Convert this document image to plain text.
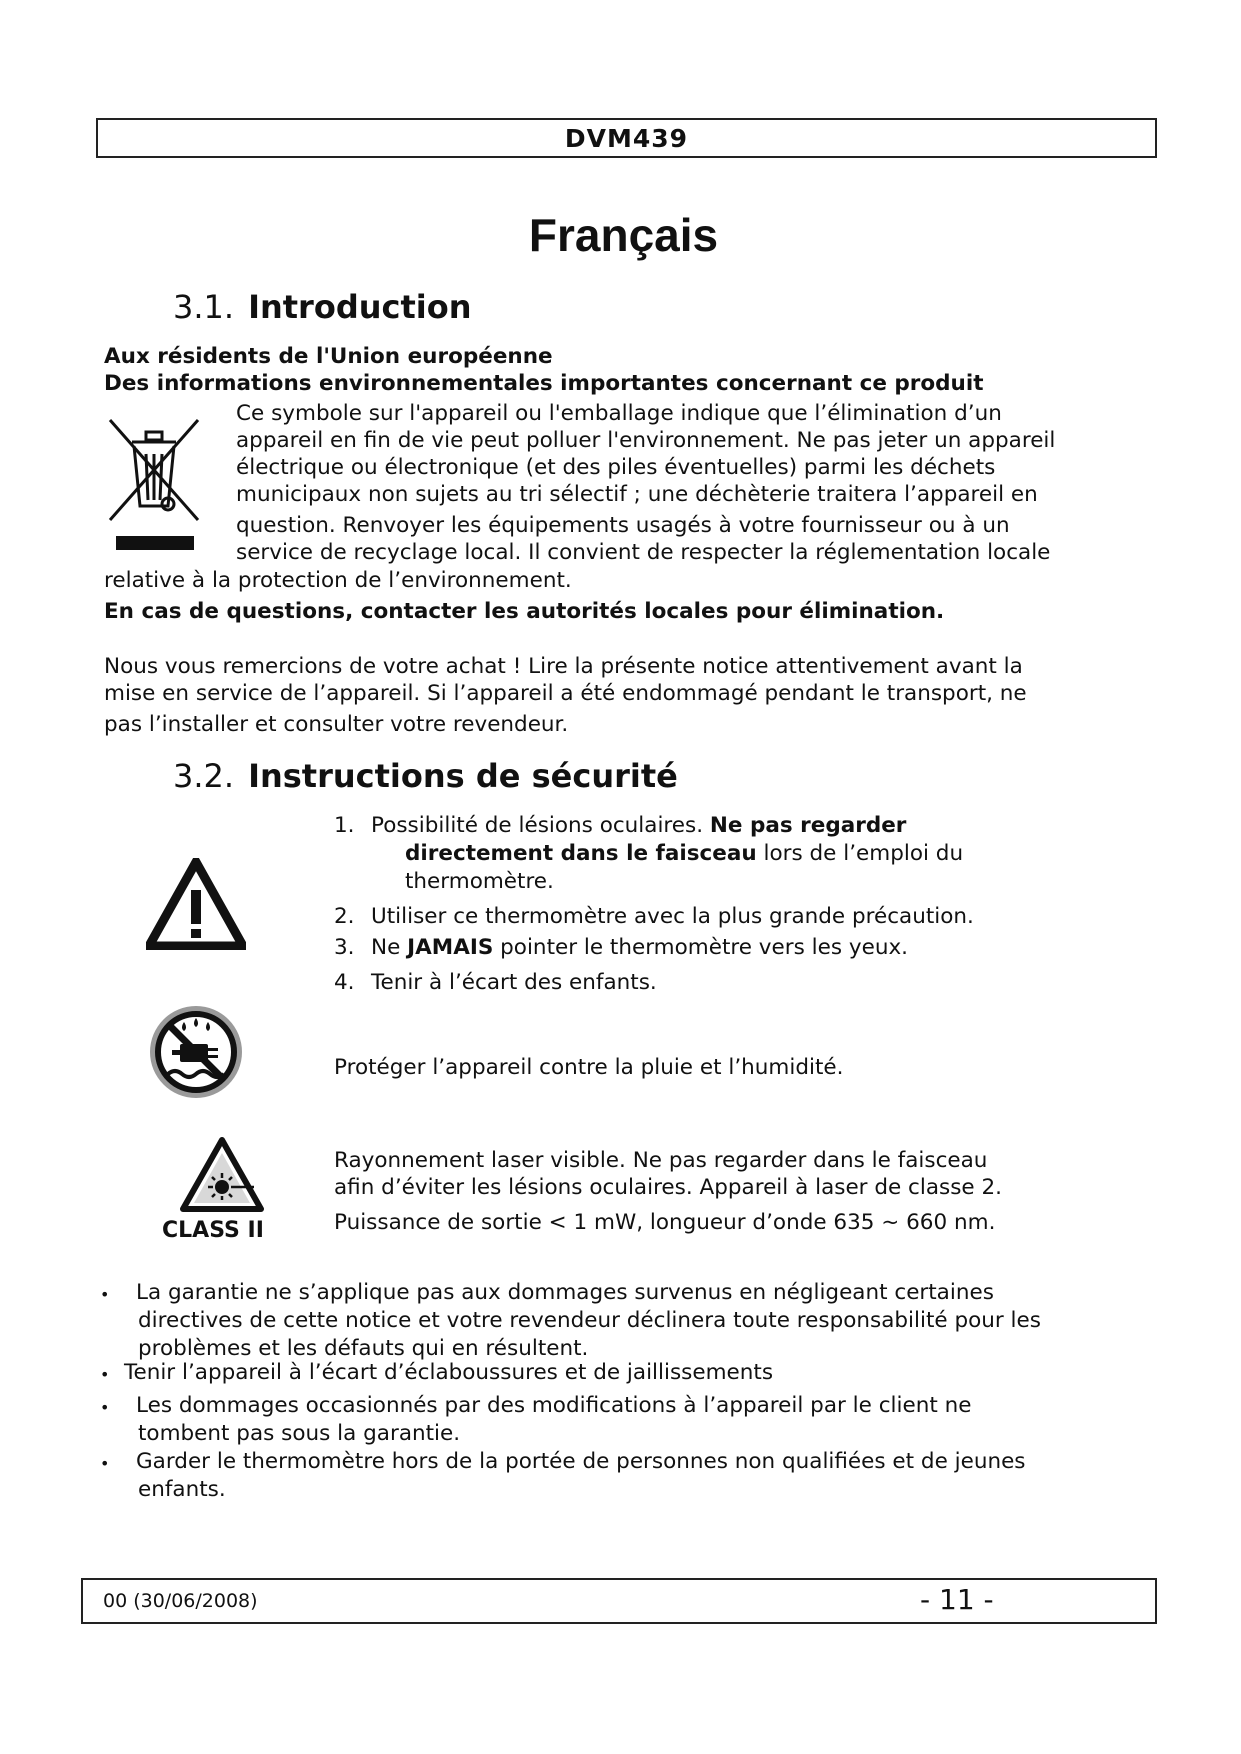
DVM439
Français
3.1. Introduction
Aux résidents de l'Union européenne
Des informations environnementales importantes concernant ce produit
Ce symbole sur l'appareil ou l'emballage indique que l’élimination d’un
appareil en fin de vie peut polluer l'environnement. Ne pas jeter un appareil
électrique ou électronique (et des piles éventuelles) parmi les déchets
municipaux non sujets au tri sélectif ; une déchèterie traitera l’appareil en
question. Renvoyer les équipements usagés à votre fournisseur ou à un
service de recyclage local. Il convient de respecter la réglementation locale
relative à la protection de l’environnement.
En cas de questions, contacter les autorités locales pour élimination.
Nous vous remercions de votre achat ! Lire la présente notice attentivement avant la
mise en service de l’appareil. Si l’appareil a été endommagé pendant le transport, ne
pas l’installer et consulter votre revendeur.
3.2. Instructions de sécurité
1. Possibilité de lésions oculaires. Ne pas regarder
directement dans le faisceau lors de l’emploi du
thermomètre.
2. Utiliser ce thermomètre avec la plus grande précaution.
3. Ne JAMAIS pointer le thermomètre vers les yeux.
4. Tenir à l’écart des enfants.
Protéger l’appareil contre la pluie et l’humidité.
CLASS II
Rayonnement laser visible. Ne pas regarder dans le faisceau
afin d’éviter les lésions oculaires. Appareil à laser de classe 2.
Puissance de sortie < 1 mW, longueur d’onde 635 ~ 660 nm.
• La garantie ne s’applique pas aux dommages survenus en négligeant certaines
directives de cette notice et votre revendeur déclinera toute responsabilité pour les
problèmes et les défauts qui en résultent.
• Tenir l’appareil à l’écart d’éclaboussures et de jaillissements
• Les dommages occasionnés par des modifications à l’appareil par le client ne
tombent pas sous la garantie.
• Garder le thermomètre hors de la portée de personnes non qualifiées et de jeunes
enfants.
00 (30/06/2008)	- 11 -
